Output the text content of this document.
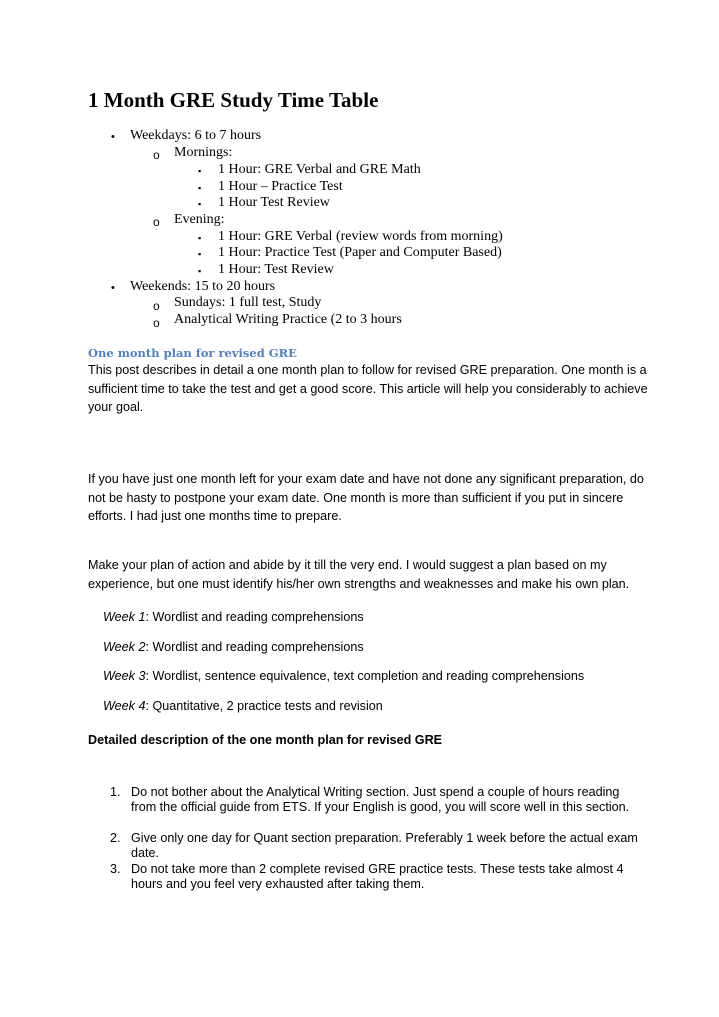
1 Month GRE Study Time Table
• Weekdays: 6 to 7 hours
o Mornings:
▪ 1 Hour: GRE Verbal and GRE Math
▪ 1 Hour – Practice Test
▪ 1 Hour Test Review
o Evening:
▪ 1 Hour: GRE Verbal (review words from morning)
▪ 1 Hour: Practice Test (Paper and Computer Based)
▪ 1 Hour: Test Review
• Weekends: 15 to 20 hours
o Sundays: 1 full test, Study
o Analytical Writing Practice (2 to 3 hours
One month plan for revised GRE

This post describes in detail a one month plan to follow for revised GRE preparation. One month is a sufficient time to take the test and get a good score. This article will help you considerably to achieve your goal.

If you have just one month left for your exam date and have not done any significant preparation, do not be hasty to postpone your exam date. One month is more than sufficient if you put in sincere efforts. I had just one months time to prepare.

Make your plan of action and abide by it till the very end. I would suggest a plan based on my experience, but one must identify his/her own strengths and weaknesses and make his own plan.

Week 1: Wordlist and reading comprehensions
Week 2: Wordlist and reading comprehensions
Week 3: Wordlist, sentence equivalence, text completion and reading comprehensions
Week 4: Quantitative, 2 practice tests and revision
Detailed description of the one month plan for revised GRE
1. Do not bother about the Analytical Writing section. Just spend a couple of hours reading from the official guide from ETS. If your English is good, you will score well in this section.
2. Give only one day for Quant section preparation. Preferably 1 week before the actual exam date.
3. Do not take more than 2 complete revised GRE practice tests. These tests take almost 4 hours and you feel very exhausted after taking them.
